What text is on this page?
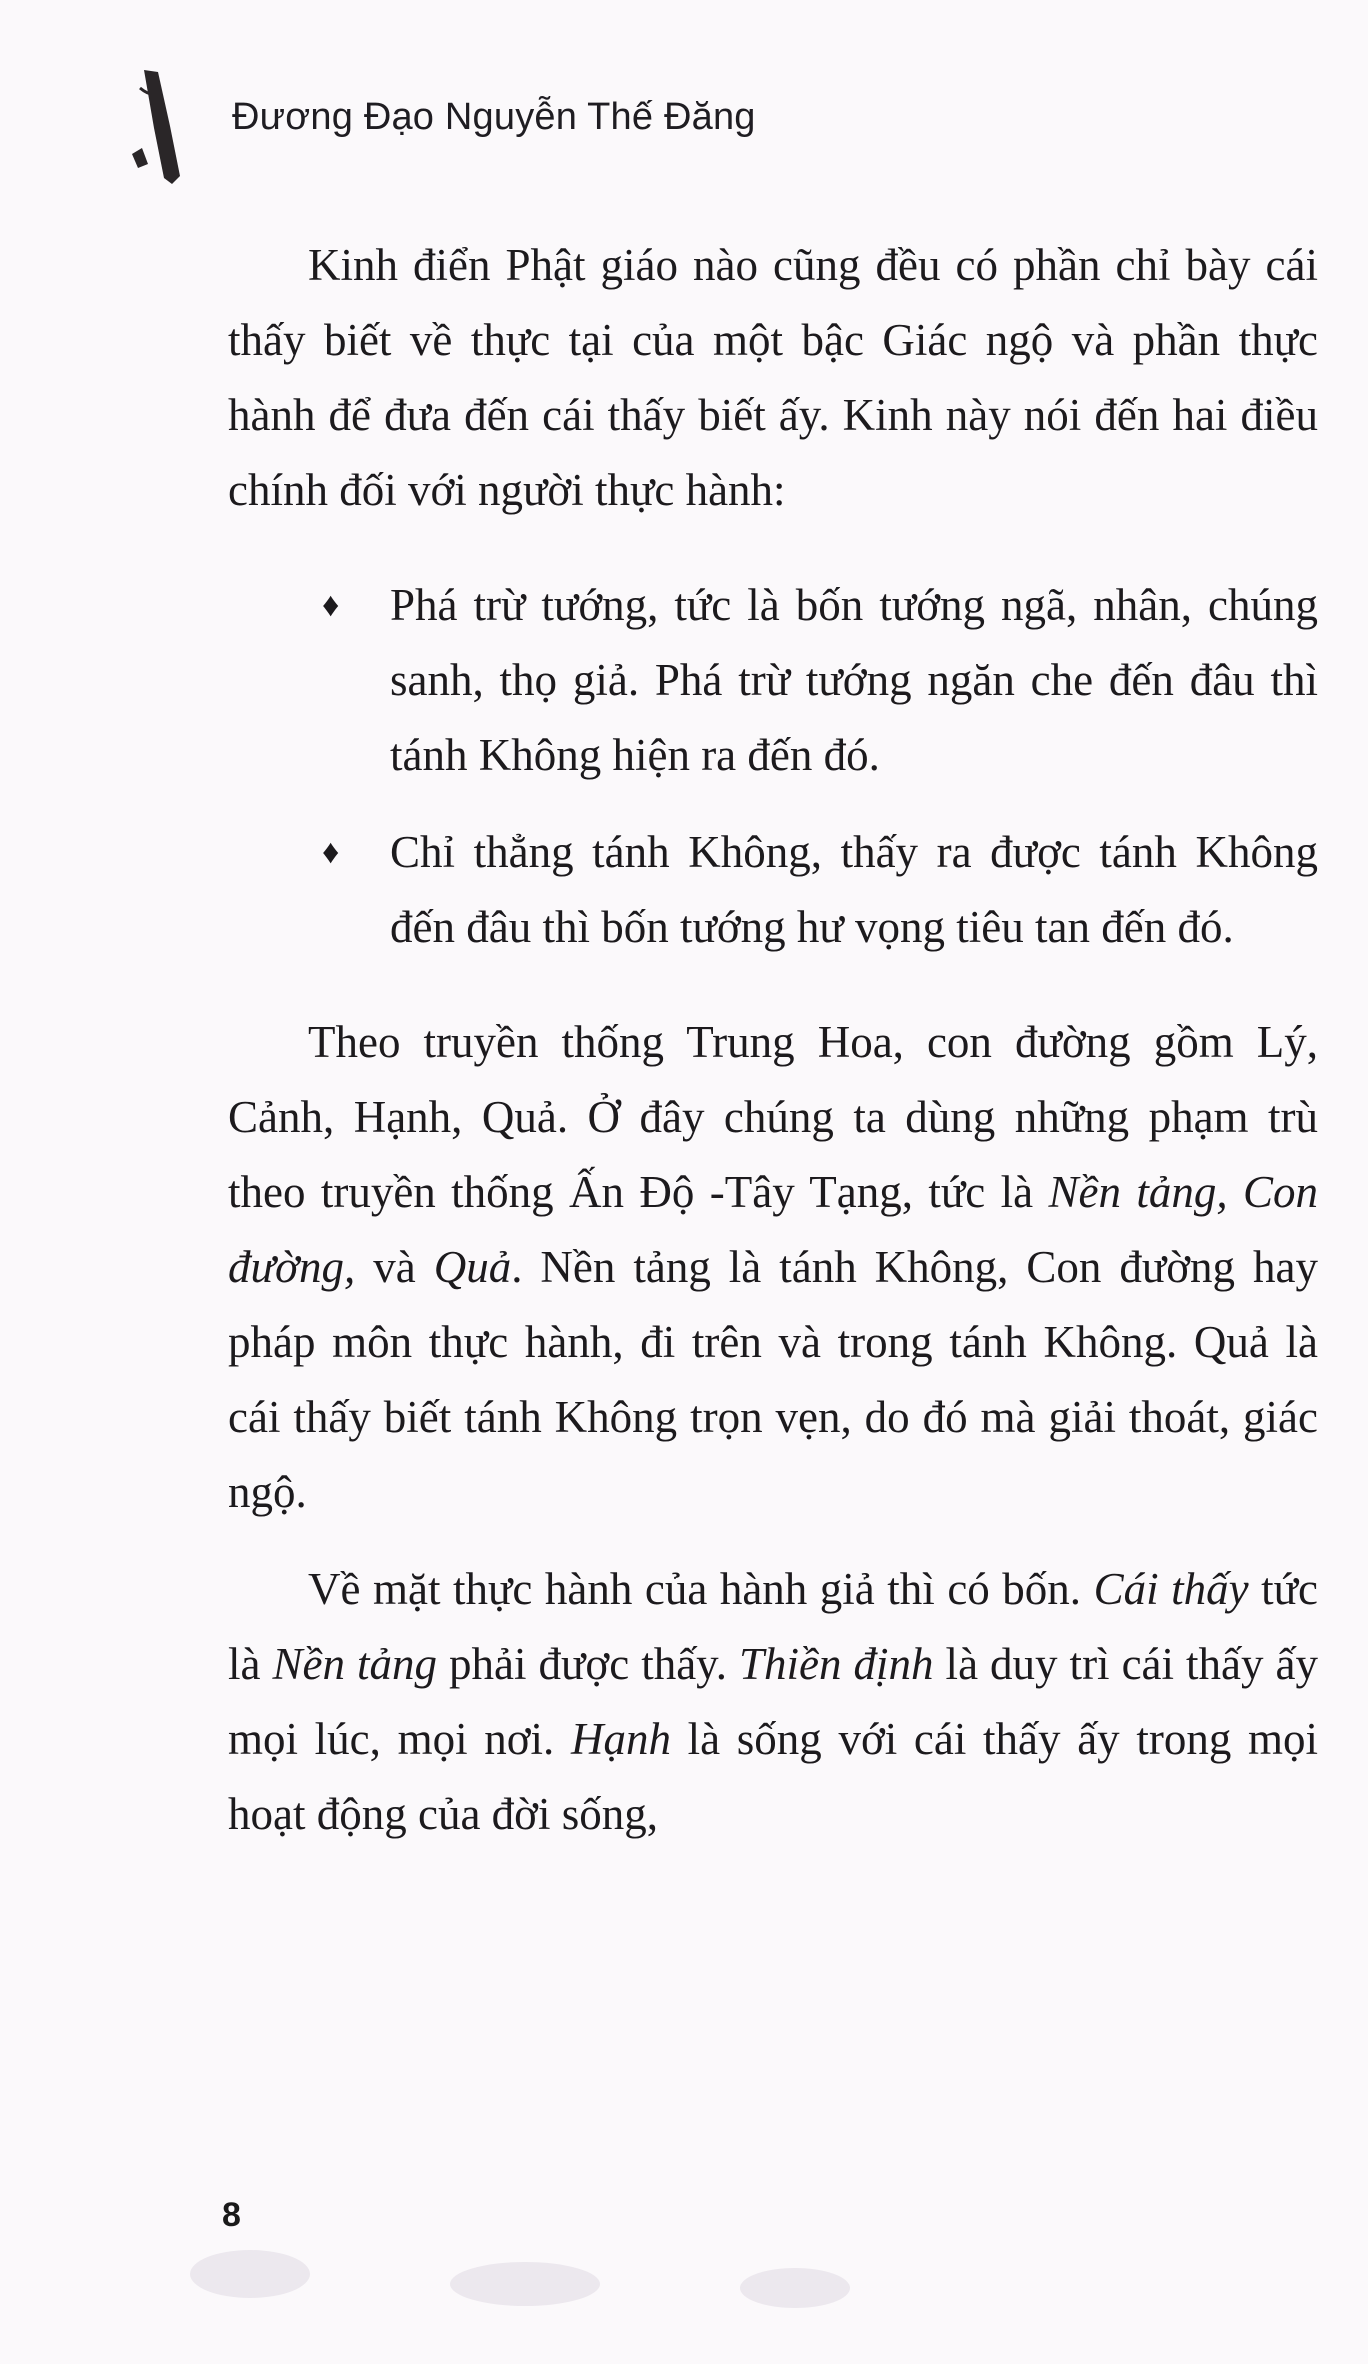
Đương Đạo Nguyễn Thế Đăng

Kinh điển Phật giáo nào cũng đều có phần chỉ bày cái thấy biết về thực tại của một bậc Giác ngộ và phần thực hành để đưa đến cái thấy biết ấy. Kinh này nói đến hai điều chính đối với người thực hành:

♦ Phá trừ tướng, tức là bốn tướng ngã, nhân, chúng sanh, thọ giả. Phá trừ tướng ngăn che đến đâu thì tánh Không hiện ra đến đó.
♦ Chỉ thẳng tánh Không, thấy ra được tánh Không đến đâu thì bốn tướng hư vọng tiêu tan đến đó.

Theo truyền thống Trung Hoa, con đường gồm Lý, Cảnh, Hạnh, Quả. Ở đây chúng ta dùng những phạm trù theo truyền thống Ấn Độ -Tây Tạng, tức là Nền tảng, Con đường, và Quả. Nền tảng là tánh Không, Con đường hay pháp môn thực hành, đi trên và trong tánh Không. Quả là cái thấy biết tánh Không trọn vẹn, do đó mà giải thoát, giác ngộ.

Về mặt thực hành của hành giả thì có bốn. Cái thấy tức là Nền tảng phải được thấy. Thiền định là duy trì cái thấy ấy mọi lúc, mọi nơi. Hạnh là sống với cái thấy ấy trong mọi hoạt động của đời sống,

8
